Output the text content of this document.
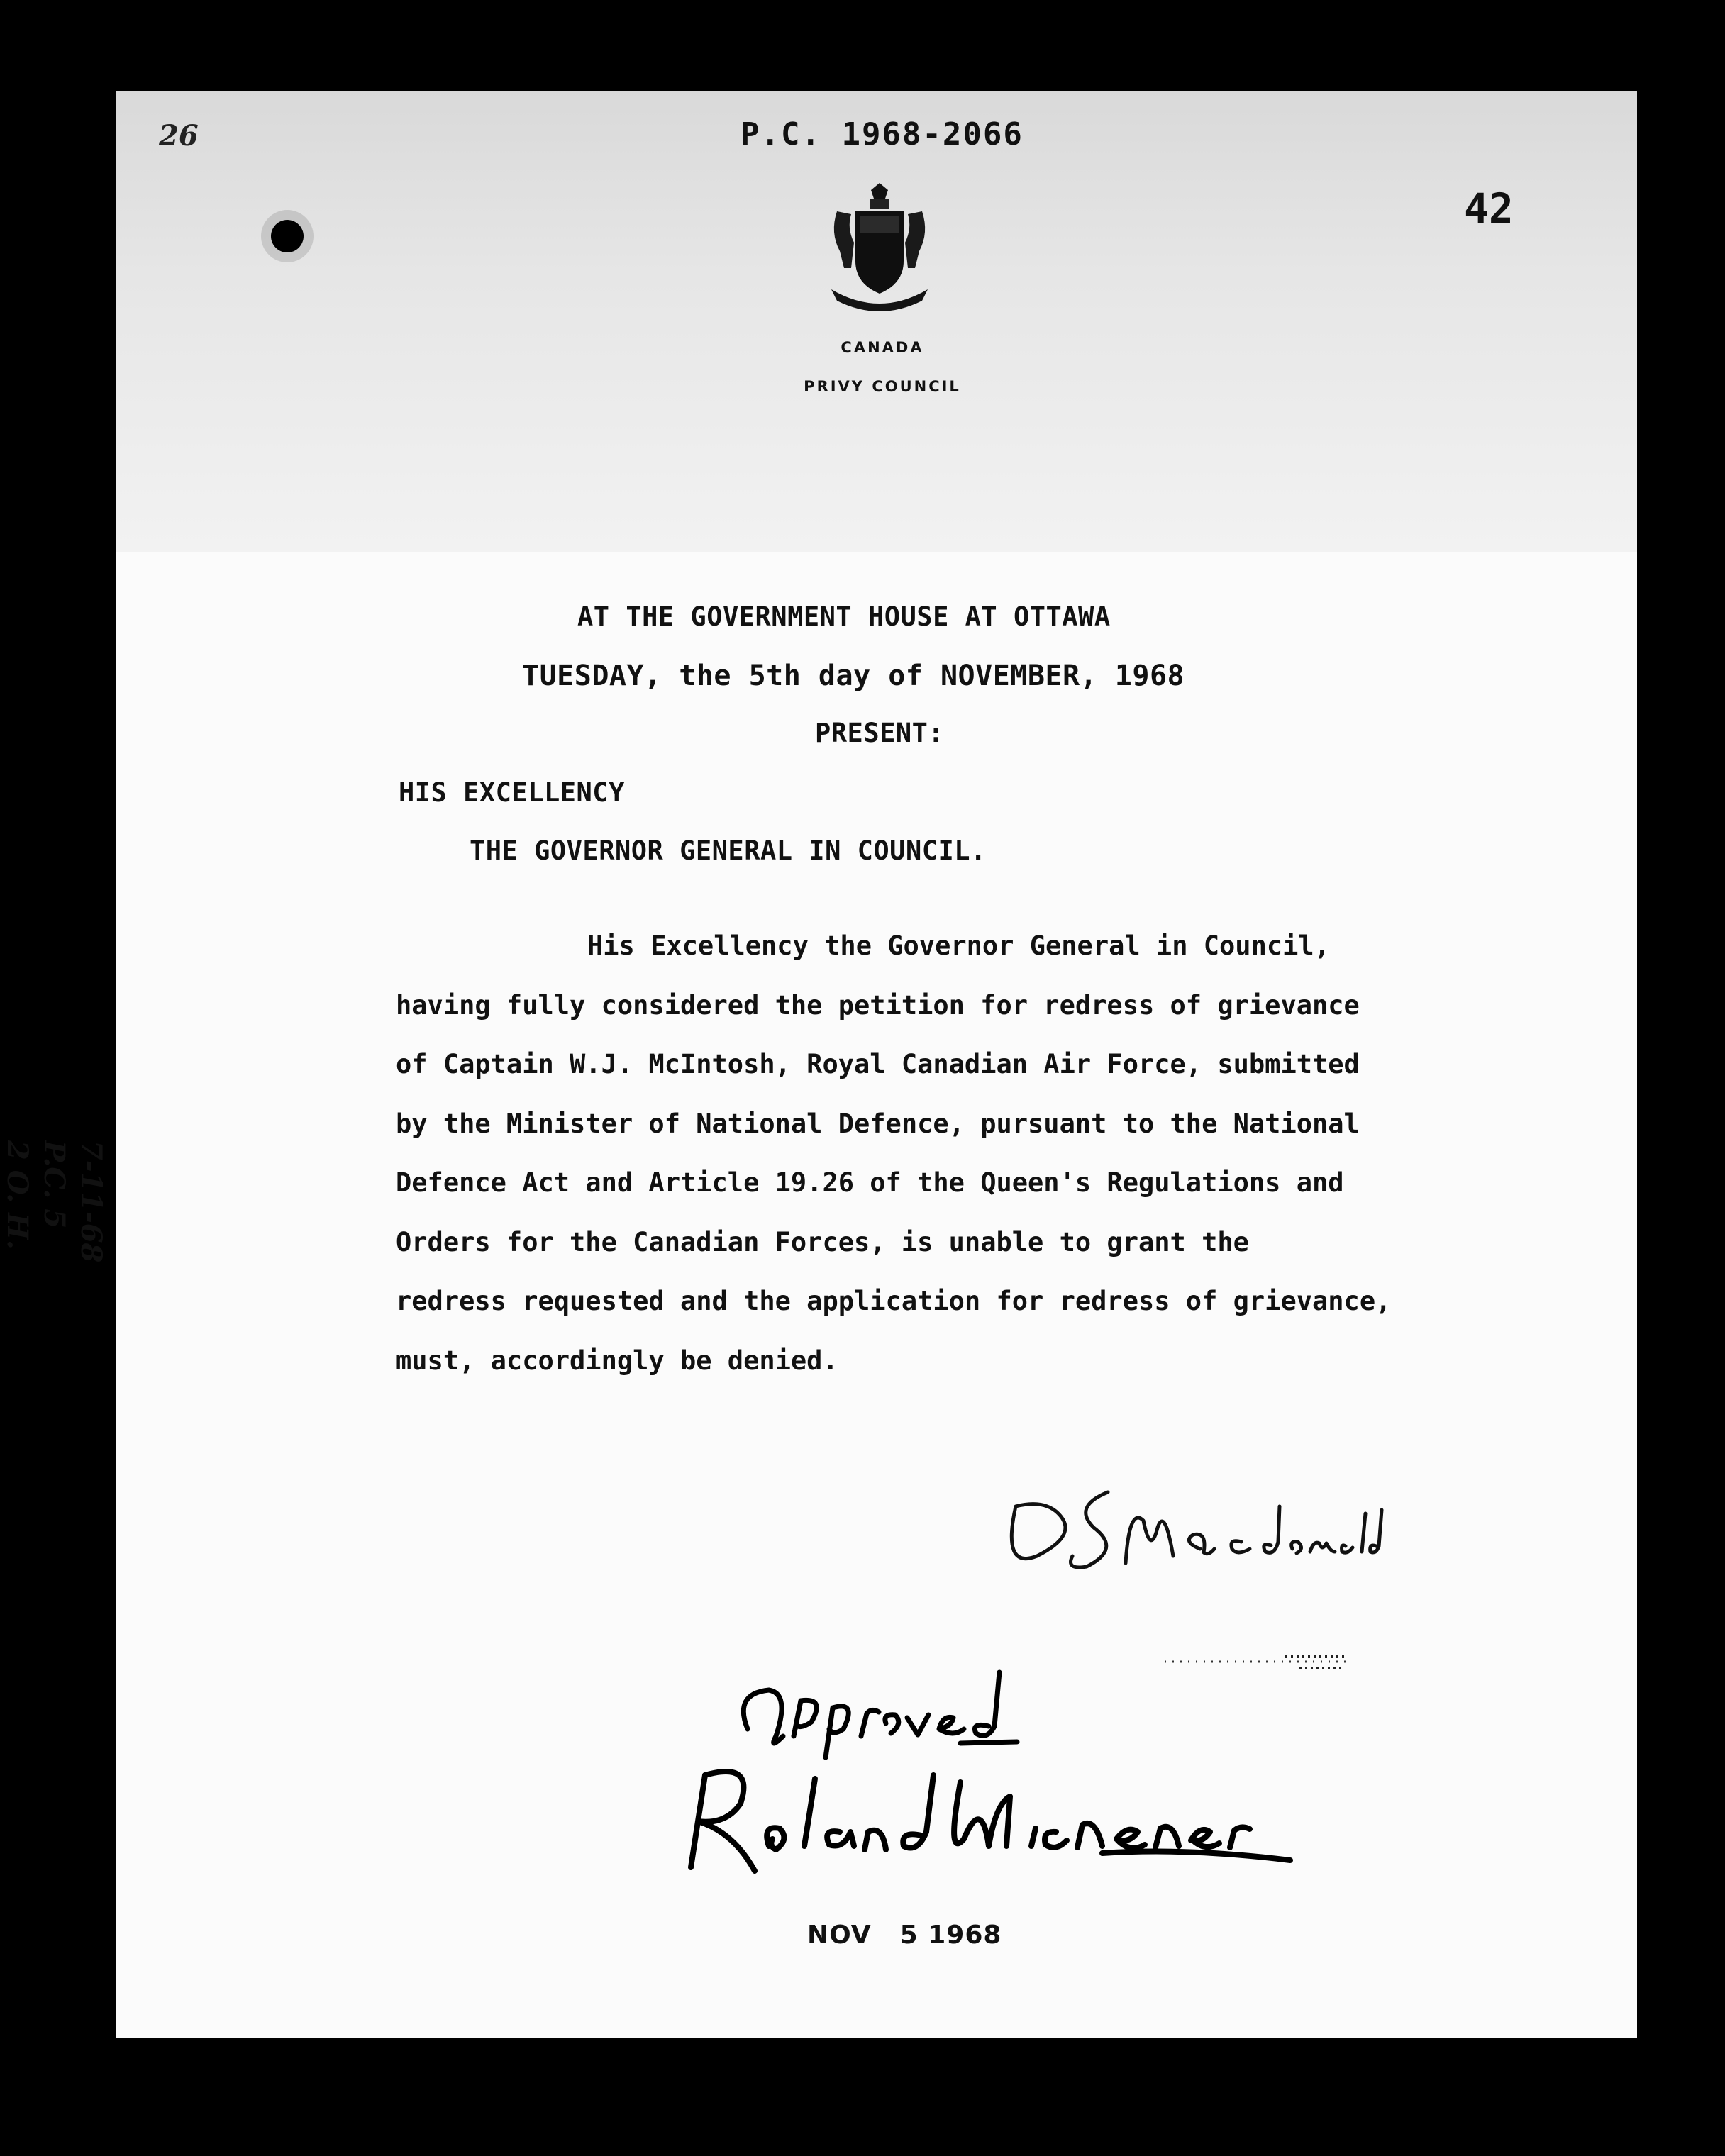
26	P.C. 1968-2066
42
CANADA
PRIVY COUNCIL
7-11-68
P.C. 5
2 O. H.
AT THE GOVERNMENT HOUSE AT OTTAWA
TUESDAY, the 5th day of NOVEMBER, 1968
PRESENT:
HIS EXCELLENCY
THE GOVERNOR GENERAL IN COUNCIL.
His Excellency the Governor General in Council,
having fully considered the petition for redress of grievance
of Captain W.J. McIntosh, Royal Canadian Air Force, submitted
by the Minister of National Defence, pursuant to the National
Defence Act and Article 19.26 of the Queen's Regulations and
Orders for the Canadian Forces, is unable to grant the
redress requested and the application for redress of grievance,
must, accordingly be denied.
NOV 5 1968
